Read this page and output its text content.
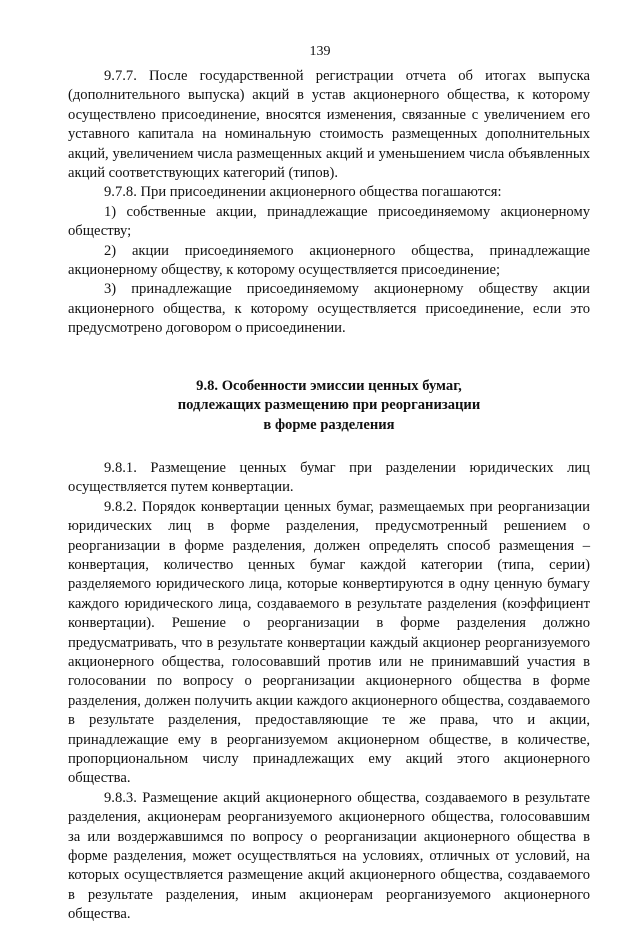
139

9.7.7. После государственной регистрации отчета об итогах выпуска (дополнительного выпуска) акций в устав акционерного общества, к которому осуществлено присоединение, вносятся изменения, связанные с увеличением его уставного капитала на номинальную стоимость размещенных дополнительных акций, увеличением числа размещенных акций и уменьшением числа объявленных акций соответствующих категорий (типов).

9.7.8. При присоединении акционерного общества погашаются:

1) собственные акции, принадлежащие присоединяемому акционерному обществу;

2) акции присоединяемого акционерного общества, принадлежащие акционерному обществу, к которому осуществляется присоединение;

3) принадлежащие присоединяемому акционерному обществу акции акционерного общества, к которому осуществляется присоединение, если это предусмотрено договором о присоединении.

9.8. Особенности эмиссии ценных бумаг,
подлежащих размещению при реорганизации
в форме разделения

9.8.1. Размещение ценных бумаг при разделении юридических лиц осуществляется путем конвертации.

9.8.2. Порядок конвертации ценных бумаг, размещаемых при реорганизации юридических лиц в форме разделения, предусмотренный решением о реорганизации в форме разделения, должен определять способ размещения – конвертация, количество ценных бумаг каждой категории (типа, серии) разделяемого юридического лица, которые конвертируются в одну ценную бумагу каждого юридического лица, создаваемого в результате разделения (коэффициент конвертации). Решение о реорганизации в форме разделения должно предусматривать, что в результате конвертации каждый акционер реорганизуемого акционерного общества, голосовавший против или не принимавший участия в голосовании по вопросу о реорганизации акционерного общества в форме разделения, должен получить акции каждого акционерного общества, создаваемого в результате разделения, предоставляющие те же права, что и акции, принадлежащие ему в реорганизуемом акционерном обществе, в количестве, пропорциональном числу принадлежащих ему акций этого акционерного общества.

9.8.3. Размещение акций акционерного общества, создаваемого в результате разделения, акционерам реорганизуемого акционерного общества, голосовавшим за или воздержавшимся по вопросу о реорганизации акционерного общества в форме разделения, может осуществляться на условиях, отличных от условий, на которых осуществляется размещение акций акционерного общества, создаваемого в результате разделения, иным акционерам реорганизуемого акционерного общества.
